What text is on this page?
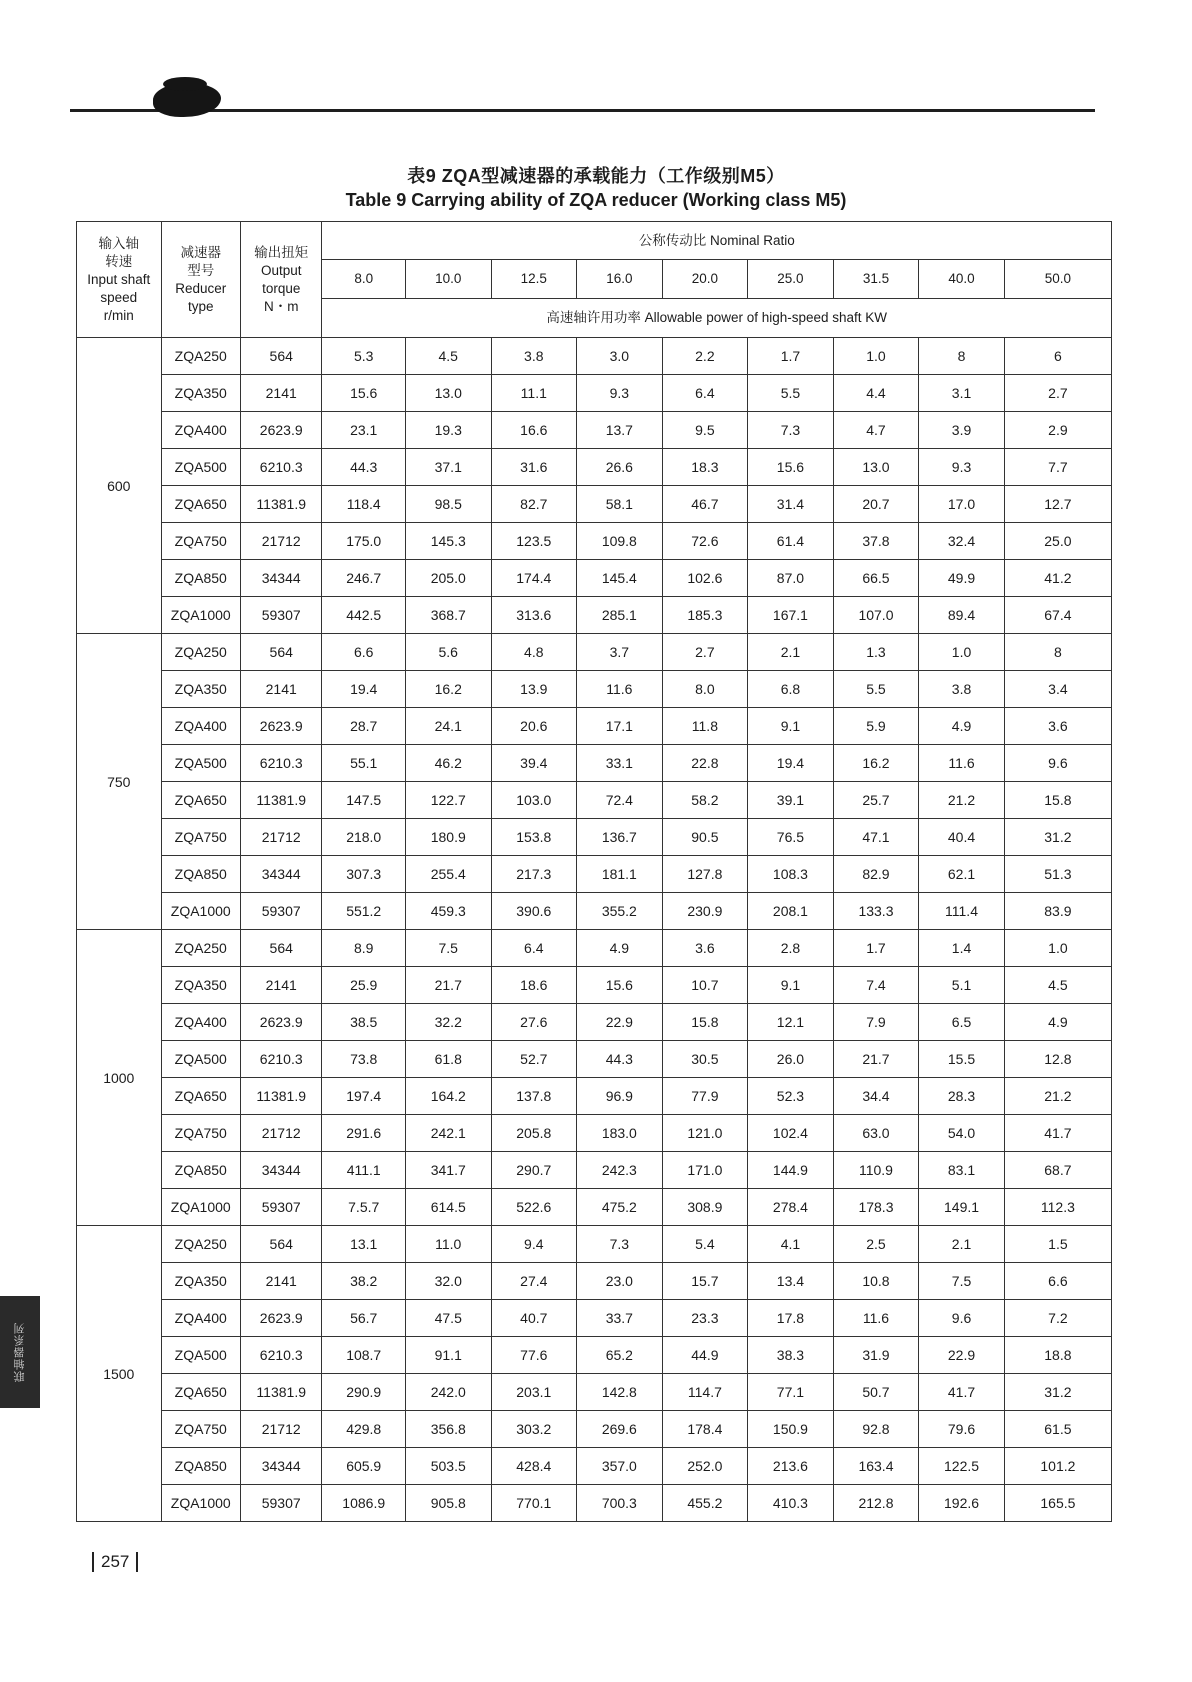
表9 ZQA型减速器的承载能力（工作级别M5）
Table 9 Carrying ability of ZQA reducer (Working class M5)
输入轴
转速
Input shaft
speed
r/min	减速器
型号
Reducer
type	输出扭矩
Output
torque
N・m	公称传动比 Nominal Ratio								
			8.0	10.0	12.5	16.0	20.0	25.0	31.5	40.0	50.0
			高速轴许用功率 Allowable power of high-speed shaft KW								
600	ZQA250	564	5.3	4.5	3.8	3.0	2.2	1.7	1.0	8	6
	ZQA350	2141	15.6	13.0	11.1	9.3	6.4	5.5	4.4	3.1	2.7
	ZQA400	2623.9	23.1	19.3	16.6	13.7	9.5	7.3	4.7	3.9	2.9
	ZQA500	6210.3	44.3	37.1	31.6	26.6	18.3	15.6	13.0	9.3	7.7
	ZQA650	11381.9	118.4	98.5	82.7	58.1	46.7	31.4	20.7	17.0	12.7
	ZQA750	21712	175.0	145.3	123.5	109.8	72.6	61.4	37.8	32.4	25.0
	ZQA850	34344	246.7	205.0	174.4	145.4	102.6	87.0	66.5	49.9	41.2
	ZQA1000	59307	442.5	368.7	313.6	285.1	185.3	167.1	107.0	89.4	67.4
750	ZQA250	564	6.6	5.6	4.8	3.7	2.7	2.1	1.3	1.0	8
	ZQA350	2141	19.4	16.2	13.9	11.6	8.0	6.8	5.5	3.8	3.4
	ZQA400	2623.9	28.7	24.1	20.6	17.1	11.8	9.1	5.9	4.9	3.6
	ZQA500	6210.3	55.1	46.2	39.4	33.1	22.8	19.4	16.2	11.6	9.6
	ZQA650	11381.9	147.5	122.7	103.0	72.4	58.2	39.1	25.7	21.2	15.8
	ZQA750	21712	218.0	180.9	153.8	136.7	90.5	76.5	47.1	40.4	31.2
	ZQA850	34344	307.3	255.4	217.3	181.1	127.8	108.3	82.9	62.1	51.3
	ZQA1000	59307	551.2	459.3	390.6	355.2	230.9	208.1	133.3	111.4	83.9
1000	ZQA250	564	8.9	7.5	6.4	4.9	3.6	2.8	1.7	1.4	1.0
	ZQA350	2141	25.9	21.7	18.6	15.6	10.7	9.1	7.4	5.1	4.5
	ZQA400	2623.9	38.5	32.2	27.6	22.9	15.8	12.1	7.9	6.5	4.9
	ZQA500	6210.3	73.8	61.8	52.7	44.3	30.5	26.0	21.7	15.5	12.8
	ZQA650	11381.9	197.4	164.2	137.8	96.9	77.9	52.3	34.4	28.3	21.2
	ZQA750	21712	291.6	242.1	205.8	183.0	121.0	102.4	63.0	54.0	41.7
	ZQA850	34344	411.1	341.7	290.7	242.3	171.0	144.9	110.9	83.1	68.7
	ZQA1000	59307	7.5.7	614.5	522.6	475.2	308.9	278.4	178.3	149.1	112.3
1500	ZQA250	564	13.1	11.0	9.4	7.3	5.4	4.1	2.5	2.1	1.5
	ZQA350	2141	38.2	32.0	27.4	23.0	15.7	13.4	10.8	7.5	6.6
	ZQA400	2623.9	56.7	47.5	40.7	33.7	23.3	17.8	11.6	9.6	7.2
	ZQA500	6210.3	108.7	91.1	77.6	65.2	44.9	38.3	31.9	22.9	18.8
	ZQA650	11381.9	290.9	242.0	203.1	142.8	114.7	77.1	50.7	41.7	31.2
	ZQA750	21712	429.8	356.8	303.2	269.6	178.4	150.9	92.8	79.6	61.5
	ZQA850	34344	605.9	503.5	428.4	357.0	252.0	213.6	163.4	122.5	101.2
	ZQA1000	59307	1086.9	905.8	770.1	700.3	455.2	410.3	212.8	192.6	165.5
联轴器系列
257
